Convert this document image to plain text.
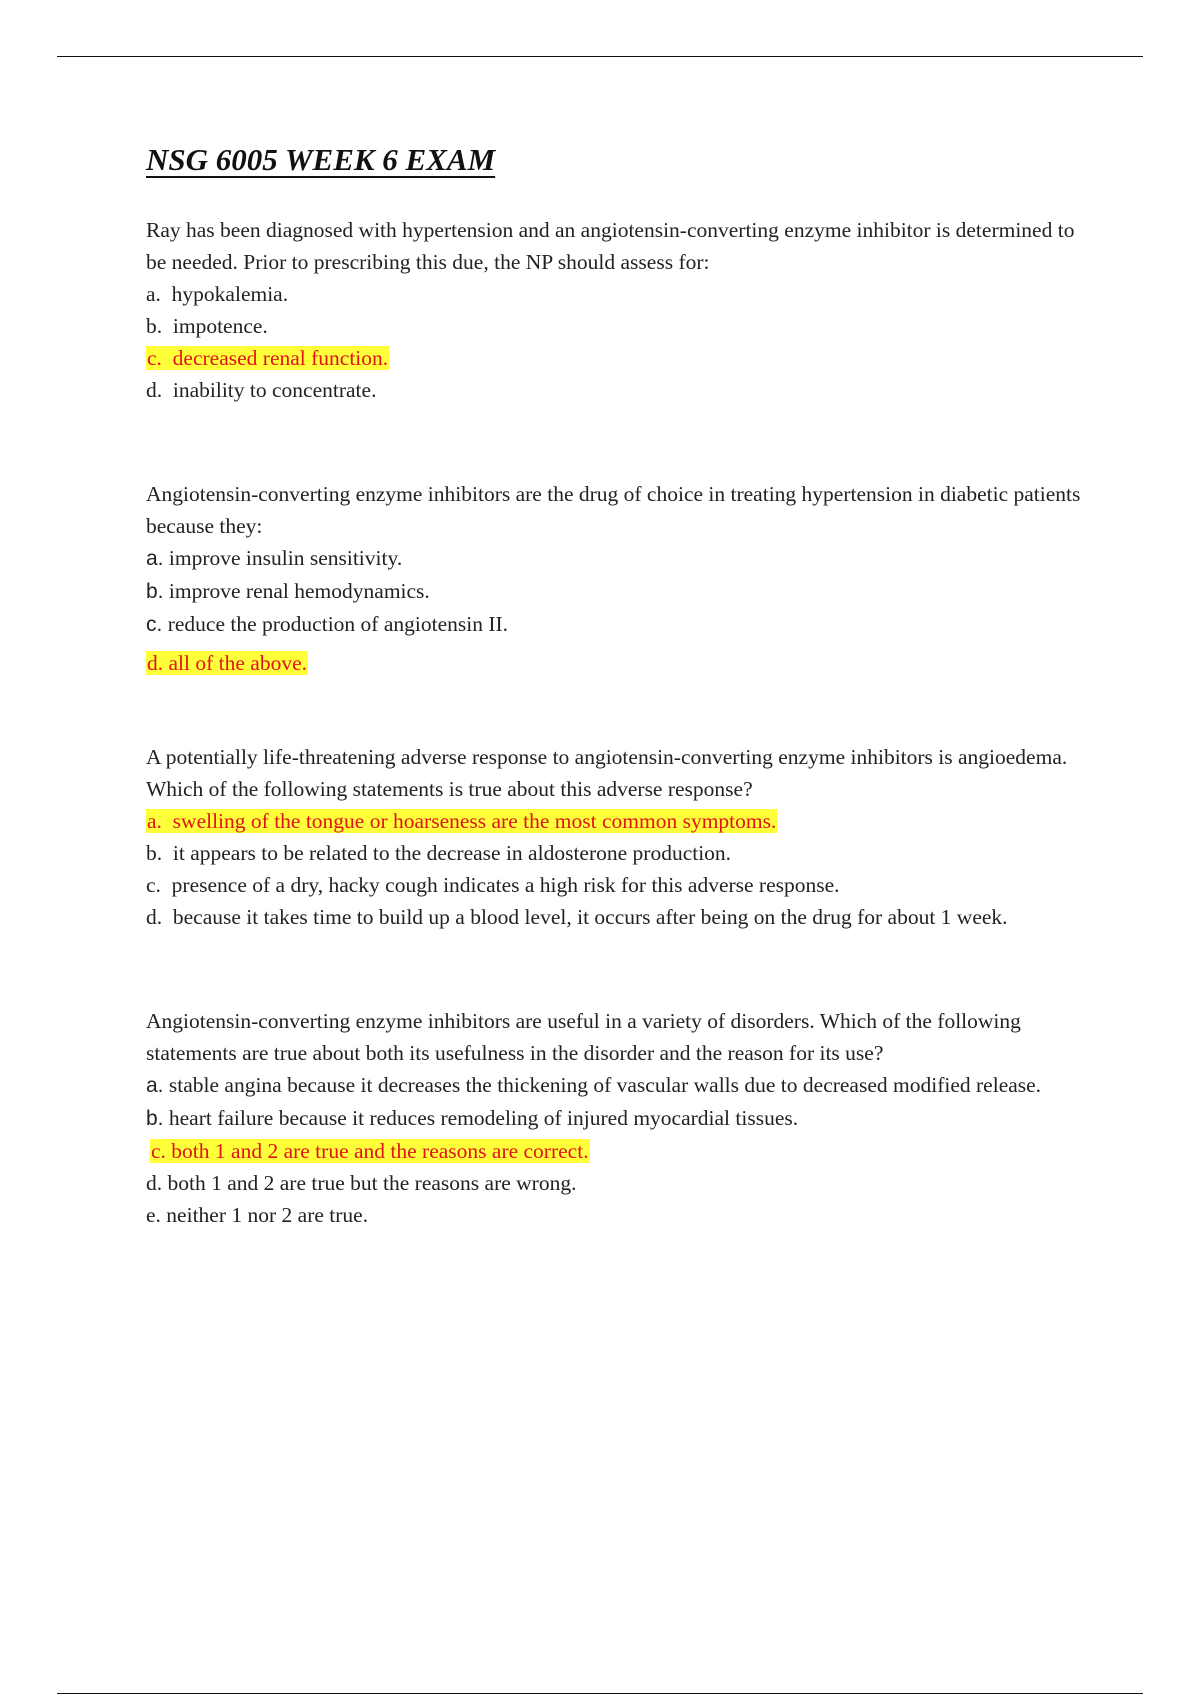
NSG 6005 WEEK 6 EXAM

Ray has been diagnosed with hypertension and an angiotensin-converting enzyme inhibitor is determined to be needed. Prior to prescribing this due, the NP should assess for:

a. hypokalemia.

b. impotence.

c. decreased renal function.

d. inability to concentrate.

Angiotensin-converting enzyme inhibitors are the drug of choice in treating hypertension in diabetic patients because they:

a. improve insulin sensitivity.

b. improve renal hemodynamics.

c. reduce the production of angiotensin II.

d. all of the above.

A potentially life-threatening adverse response to angiotensin-converting enzyme inhibitors is angioedema. Which of the following statements is true about this adverse response?

a. swelling of the tongue or hoarseness are the most common symptoms.

b. it appears to be related to the decrease in aldosterone production.

c. presence of a dry, hacky cough indicates a high risk for this adverse response.

d. because it takes time to build up a blood level, it occurs after being on the drug for about 1 week.

Angiotensin-converting enzyme inhibitors are useful in a variety of disorders. Which of the following statements are true about both its usefulness in the disorder and the reason for its use?

a. stable angina because it decreases the thickening of vascular walls due to decreased modified release.

b. heart failure because it reduces remodeling of injured myocardial tissues.

c. both 1 and 2 are true and the reasons are correct.

d. both 1 and 2 are true but the reasons are wrong.

e. neither 1 nor 2 are true.
